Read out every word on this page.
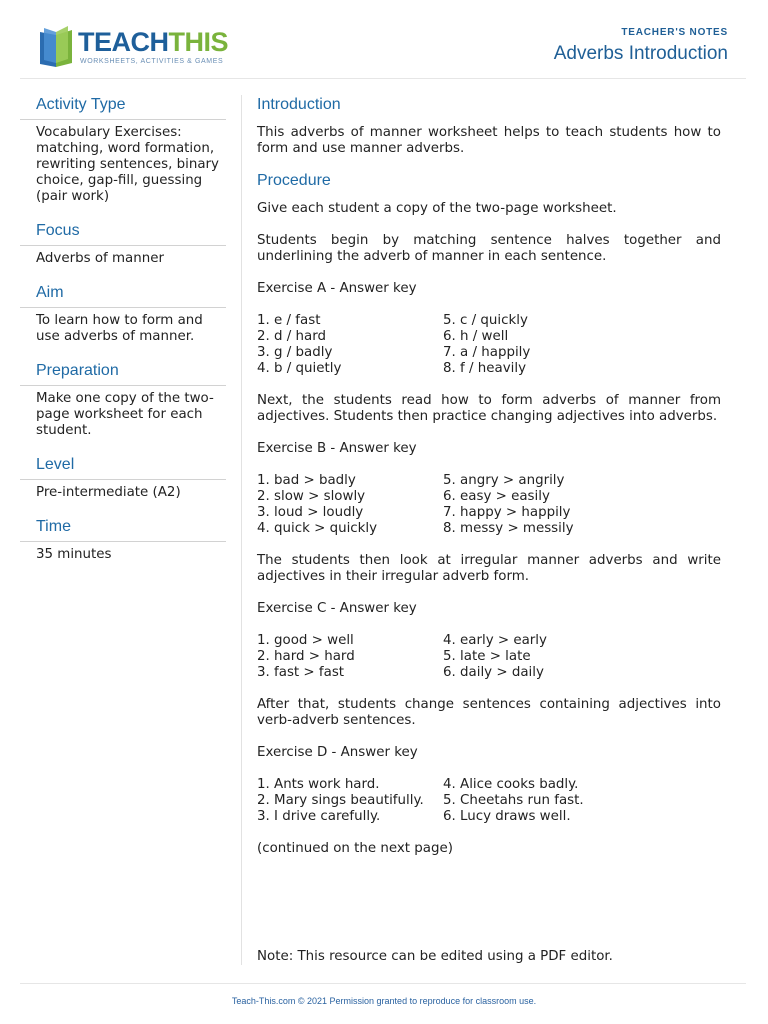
TEACHTHIS
WORKSHEETS, ACTIVITIES & GAMES
TEACHER'S NOTES
Adverbs Introduction
Activity Type
Vocabulary Exercises: matching, word formation, rewriting sentences, binary choice, gap-fill, guessing (pair work)
Focus
Adverbs of manner
Aim
To learn how to form and use adverbs of manner.
Preparation
Make one copy of the two-page worksheet for each student.
Level
Pre-intermediate (A2)
Time
35 minutes
Introduction
This adverbs of manner worksheet helps to teach students how to form and use manner adverbs.
Procedure
Give each student a copy of the two-page worksheet.
Students begin by matching sentence halves together and underlining the adverb of manner in each sentence.
Exercise A - Answer key
1. e / fast	5. c / quickly
2. d / hard	6. h / well
3. g / badly	7. a / happily
4. b / quietly	8. f / heavily
Next, the students read how to form adverbs of manner from adjectives. Students then practice changing adjectives into adverbs.
Exercise B - Answer key
1. bad > badly	5. angry > angrily
2. slow > slowly	6. easy > easily
3. loud > loudly	7. happy > happily
4. quick > quickly	8. messy > messily
The students then look at irregular manner adverbs and write adjectives in their irregular adverb form.
Exercise C - Answer key
1. good > well	4. early > early
2. hard > hard	5. late > late
3. fast > fast	6. daily > daily
After that, students change sentences containing adjectives into verb-adverb sentences.
Exercise D - Answer key
1. Ants work hard.	4. Alice cooks badly.
2. Mary sings beautifully.	5. Cheetahs run fast.
3. I drive carefully.	6. Lucy draws well.
(continued on the next page)
Note: This resource can be edited using a PDF editor.
Teach-This.com © 2021 Permission granted to reproduce for classroom use.
